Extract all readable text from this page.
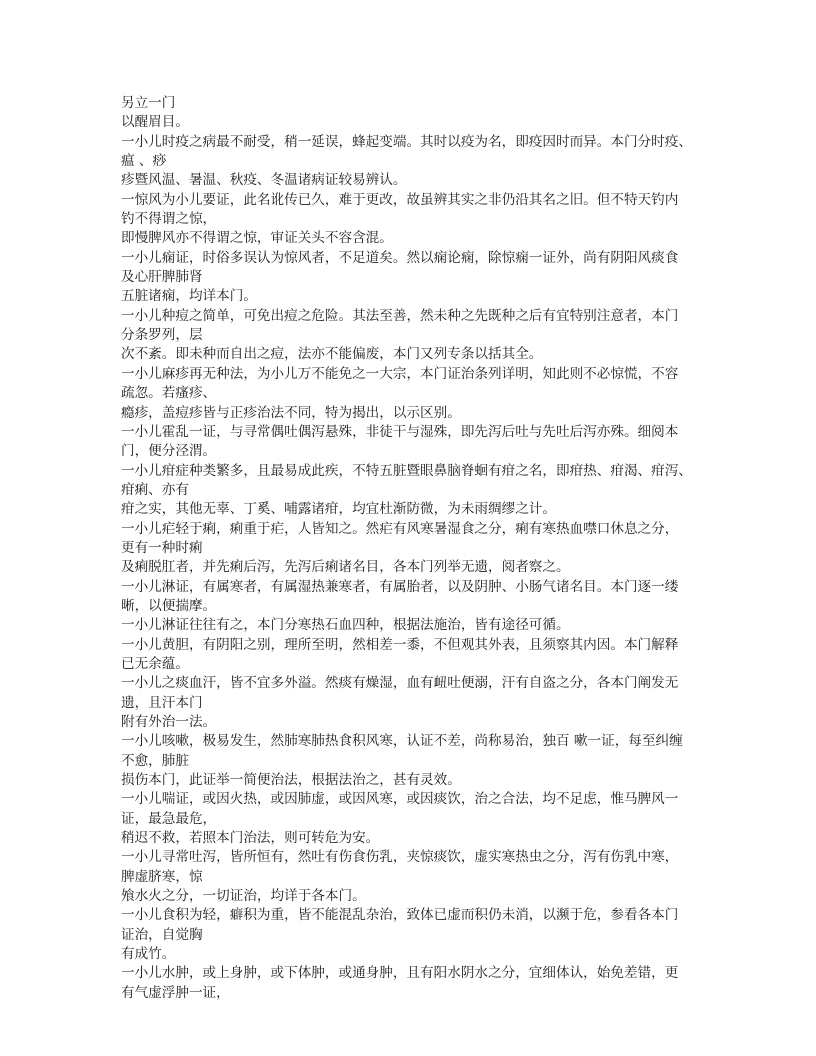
另立一门
以醒眉目。
一小儿时疫之病最不耐受，稍一延误，蜂起变端。其时以疫为名，即疫因时而异。本门分时疫、
瘟 、痧
疹暨风温、暑温、秋疫、冬温诸病证较易辨认。
一惊风为小儿要证，此名讹传已久，难于更改，故虽辨其实之非仍沿其名之旧。但不特天钓内
钓不得谓之惊，
即慢脾风亦不得谓之惊，审证关头不容含混。
一小儿痫证，时俗多误认为惊风者，不足道矣。然以痫论痫，除惊痫一证外，尚有阴阳风痰食
及心肝脾肺肾
五脏诸痫，均详本门。
一小儿种痘之简单，可免出痘之危险。其法至善，然未种之先既种之后有宜特别注意者，本门
分条罗列，层
次不紊。即未种而自出之痘，法亦不能偏废，本门又列专条以括其全。
一小儿麻疹再无种法，为小儿万不能免之一大宗，本门证治条列详明，知此则不必惊慌，不容
疏忽。若瘙疹、
瘾疹，盖痘疹皆与正疹治法不同，特为揭出，以示区别。
一小儿霍乱一证，与寻常偶吐偶泻悬殊，非徒干与湿殊，即先泻后吐与先吐后泻亦殊。细阅本
门，便分泾渭。
一小儿疳症种类繁多，且最易成此疾，不特五脏暨眼鼻脑脊蛔有疳之名，即疳热、疳渴、疳泻、
疳痢、亦有
疳之实，其他无辜、丁奚、哺露诸疳，均宜杜渐防微，为未雨绸缪之计。
一小儿疟轻于痢，痢重于疟，人皆知之。然疟有风寒暑湿食之分，痢有寒热血噤口休息之分，
更有一种时痢
及痢脱肛者，并先痢后泻，先泻后痢诸名目，各本门列举无遗，阅者察之。
一小儿淋证，有属寒者，有属湿热兼寒者，有属胎者，以及阴肿、小肠气诸名目。本门逐一缕
晰，以便揣摩。
一小儿淋证往往有之，本门分寒热石血四种，根据法施治，皆有途径可循。
一小儿黄胆，有阴阳之别，理所至明，然相差一黍，不但观其外表，且须察其内因。本门解释
已无余蕴。
一小儿之痰血汗，皆不宜多外溢。然痰有燥湿，血有衄吐便溺，汗有自盗之分，各本门阐发无
遗，且汗本门
附有外治一法。
一小儿咳嗽，极易发生，然肺寒肺热食积风寒，认证不差，尚称易治，独百 嗽一证，每至纠缠
不愈，肺脏
损伤本门，此证举一简便治法，根据法治之，甚有灵效。
一小儿喘证，或因火热，或因肺虚，或因风寒，或因痰饮，治之合法，均不足虑，惟马脾风一
证，最急最危，
稍迟不救，若照本门治法，则可转危为安。
一小儿寻常吐泻，皆所恒有，然吐有伤食伤乳，夹惊痰饮，虚实寒热虫之分，泻有伤乳中寒，
脾虚脐寒，惊
飧水火之分，一切证治，均详于各本门。
一小儿食积为轻，癖积为重，皆不能混乱杂治，致体已虚而积仍未消，以濒于危，参看各本门
证治，自觉胸
有成竹。
一小儿水肿，或上身肿，或下体肿，或通身肿，且有阳水阴水之分，宜细体认，始免差错，更
有气虚浮肿一证，
